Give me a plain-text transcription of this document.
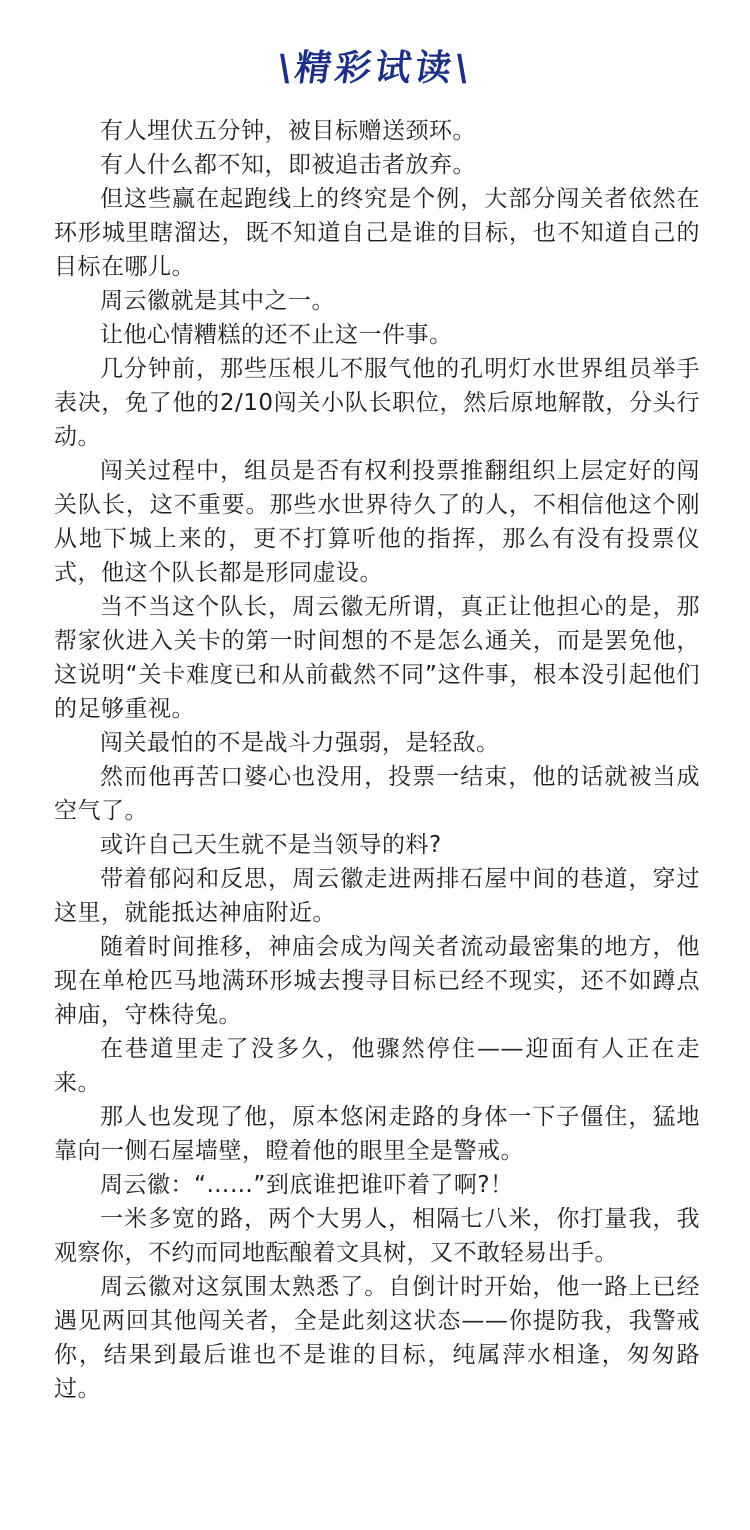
\精彩试读\

有人埋伏五分钟，被目标赠送颈环。

有人什么都不知，即被追击者放弃。

但这些赢在起跑线上的终究是个例，大部分闯关者依然在环形城里瞎溜达，既不知道自己是谁的目标，也不知道自己的目标在哪儿。

周云徽就是其中之一。

让他心情糟糕的还不止这一件事。

几分钟前，那些压根儿不服气他的孔明灯水世界组员举手表决，免了他的2/10闯关小队长职位，然后原地解散，分头行动。

闯关过程中，组员是否有权利投票推翻组织上层定好的闯关队长，这不重要。那些水世界待久了的人，不相信他这个刚从地下城上来的，更不打算听他的指挥，那么有没有投票仪式，他这个队长都是形同虚设。

当不当这个队长，周云徽无所谓，真正让他担心的是，那帮家伙进入关卡的第一时间想的不是怎么通关，而是罢免他，这说明“关卡难度已和从前截然不同”这件事，根本没引起他们的足够重视。

闯关最怕的不是战斗力强弱，是轻敌。

然而他再苦口婆心也没用，投票一结束，他的话就被当成空气了。

或许自己天生就不是当领导的料?

带着郁闷和反思，周云徽走进两排石屋中间的巷道，穿过这里，就能抵达神庙附近。

随着时间推移，神庙会成为闯关者流动最密集的地方，他现在单枪匹马地满环形城去搜寻目标已经不现实，还不如蹲点神庙，守株待兔。

在巷道里走了没多久，他骤然停住——迎面有人正在走来。

那人也发现了他，原本悠闲走路的身体一下子僵住，猛地靠向一侧石屋墙壁，瞪着他的眼里全是警戒。

周云徽：“……”到底谁把谁吓着了啊?！

一米多宽的路，两个大男人，相隔七八米，你打量我，我观察你，不约而同地酝酿着文具树，又不敢轻易出手。

周云徽对这氛围太熟悉了。自倒计时开始，他一路上已经遇见两回其他闯关者，全是此刻这状态——你提防我，我警戒你，结果到最后谁也不是谁的目标，纯属萍水相逢，匆匆路过。
